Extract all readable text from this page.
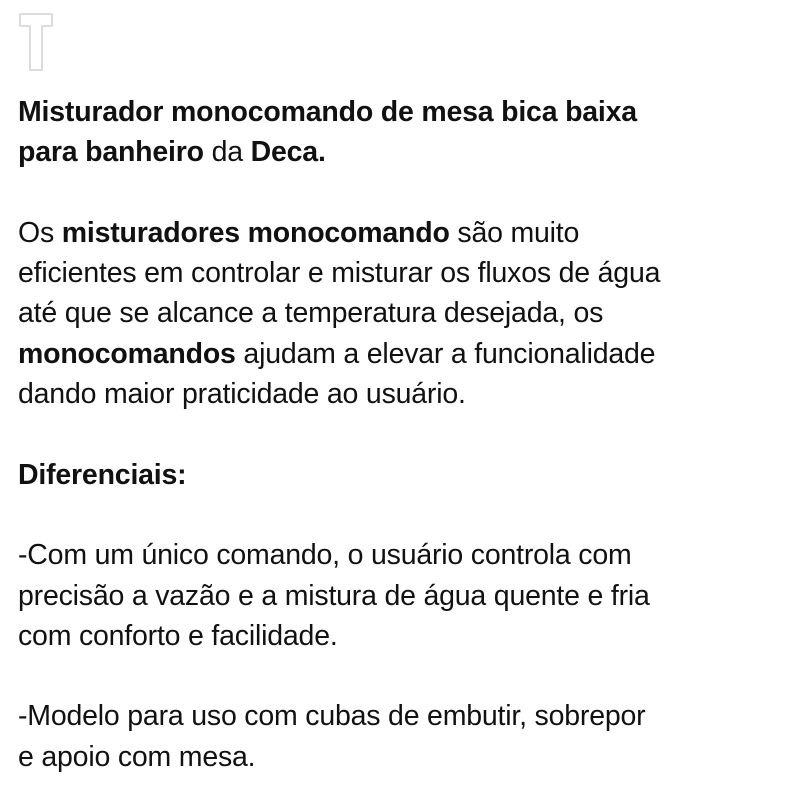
Misturador monocomando de mesa bica baixa
para banheiro da Deca.
Os misturadores monocomando são muito
eficientes em controlar e misturar os fluxos de água
até que se alcance a temperatura desejada, os
monocomandos ajudam a elevar a funcionalidade
dando maior praticidade ao usuário.
Diferenciais:
-Com um único comando, o usuário controla com
precisão a vazão e a mistura de água quente e fria
com conforto e facilidade.
-Modelo para uso com cubas de embutir, sobrepor
e apoio com mesa.
